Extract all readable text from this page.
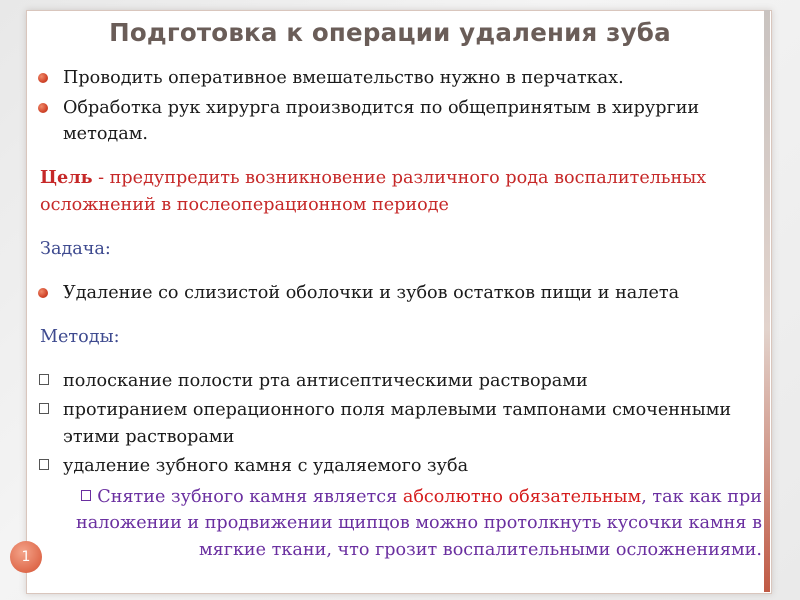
Подготовка к операции удаления зуба

Проводить оперативное вмешательство нужно в перчатках.

Обработка рук хирурга производится по общепринятым в хирургии методам.

Цель - предупредить возникновение различного рода воспалительных осложнений в послеоперационном периоде

Задача:

Удаление со слизистой оболочки и зубов остатков пищи и налета

Методы:

полоскание полости рта антисептическими растворами

протиранием операционного поля марлевыми тампонами смоченными этими растворами

удаление зубного камня с удаляемого зуба

Снятие зубного камня является абсолютно обязательным, так как при наложении и продвижении щипцов можно протолкнуть кусочки камня в мягкие ткани, что грозит воспалительными осложнениями.

1
